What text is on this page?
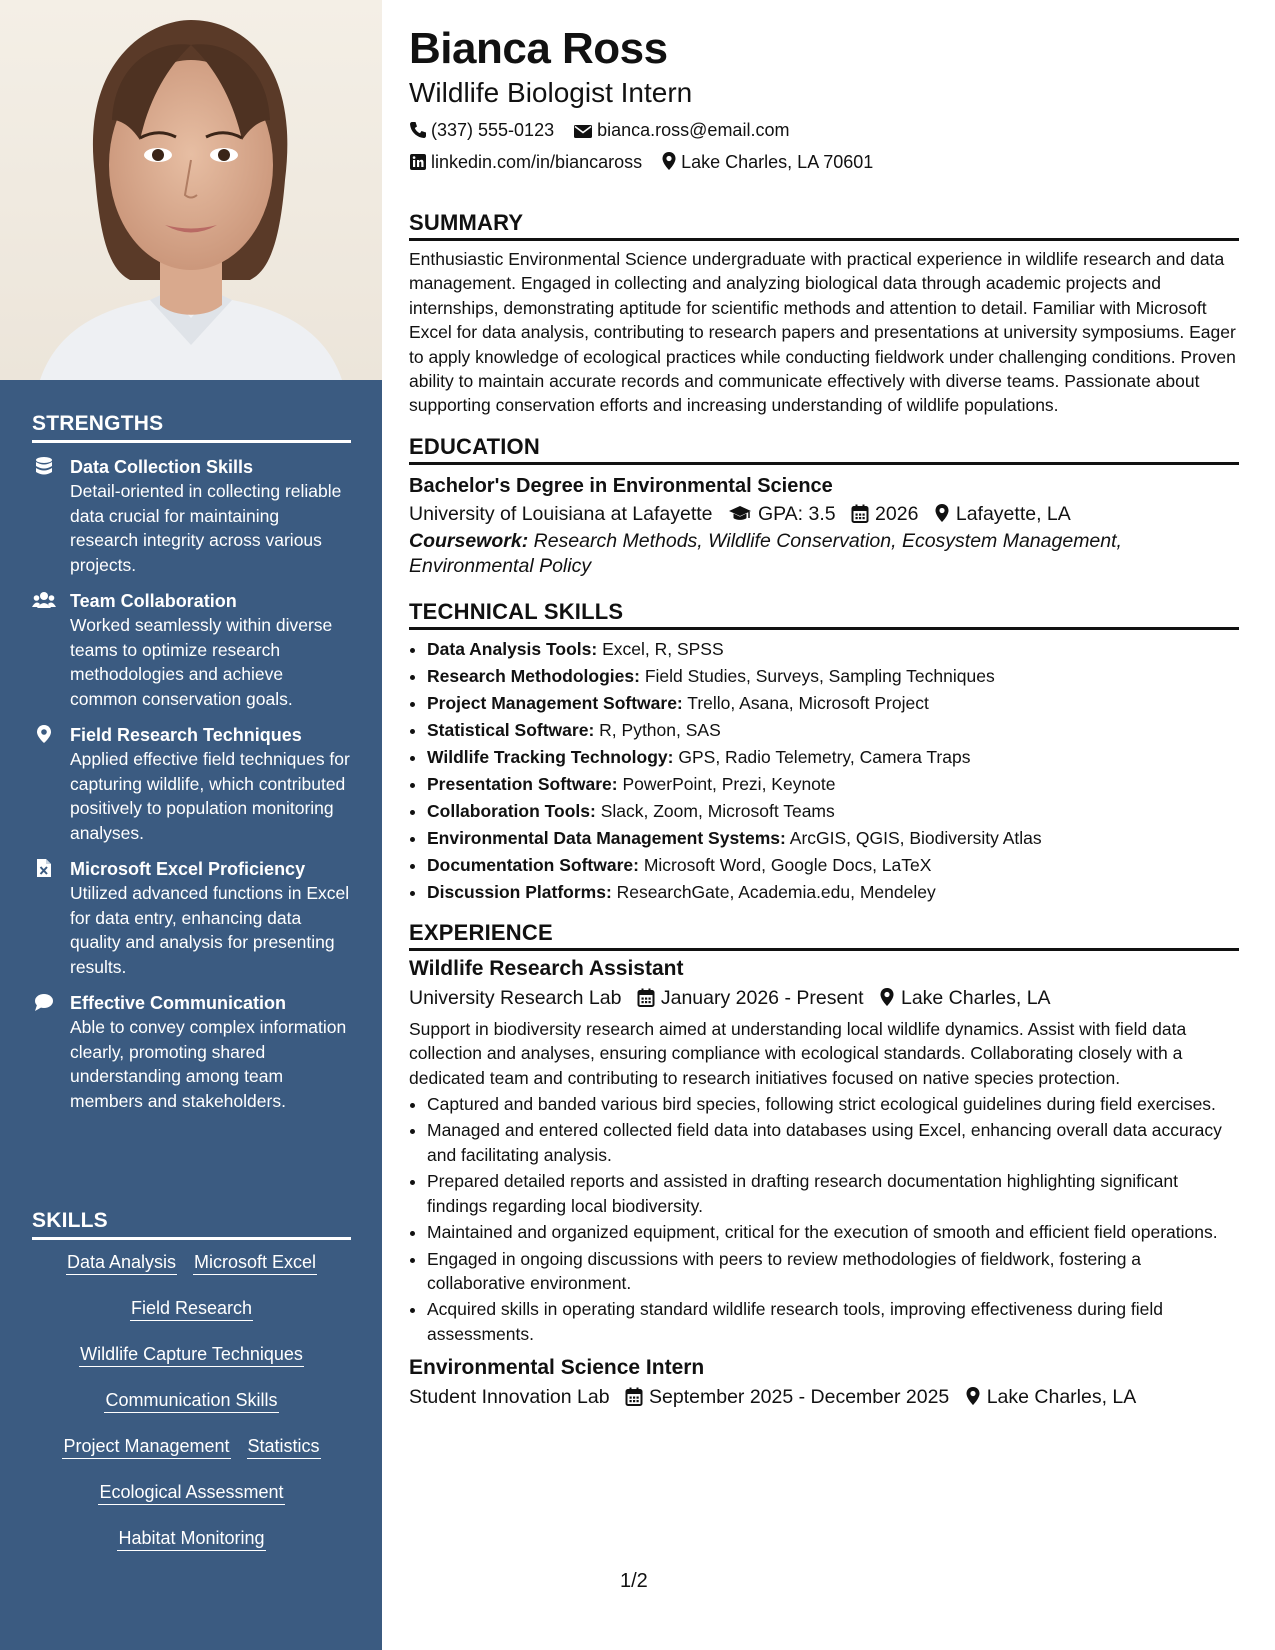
STRENGTHS
Data Collection Skills
Detail-oriented in collecting reliable data crucial for maintaining research integrity across various projects.
Team Collaboration
Worked seamlessly within diverse teams to optimize research methodologies and achieve common conservation goals.
Field Research Techniques
Applied effective field techniques for capturing wildlife, which contributed positively to population monitoring analyses.
Microsoft Excel Proficiency
Utilized advanced functions in Excel for data entry, enhancing data quality and analysis for presenting results.
Effective Communication
Able to convey complex information clearly, promoting shared understanding among team members and stakeholders.
SKILLS
Data Analysis Microsoft Excel
Field Research
Wildlife Capture Techniques
Communication Skills
Project Management Statistics
Ecological Assessment
Habitat Monitoring
Bianca Ross
Wildlife Biologist Intern
(337) 555-0123 bianca.ross@email.com
linkedin.com/in/biancaross Lake Charles, LA 70601
SUMMARY

Enthusiastic Environmental Science undergraduate with practical experience in wildlife research and data management. Engaged in collecting and analyzing biological data through academic projects and internships, demonstrating aptitude for scientific methods and attention to detail. Familiar with Microsoft Excel for data analysis, contributing to research papers and presentations at university symposiums. Eager to apply knowledge of ecological practices while conducting fieldwork under challenging conditions. Proven ability to maintain accurate records and communicate effectively with diverse teams. Passionate about supporting conservation efforts and increasing understanding of wildlife populations.

EDUCATION
Bachelor's Degree in Environmental Science
University of Louisiana at Lafayette GPA: 3.5 2026 Lafayette, LA
Coursework: Research Methods, Wildlife Conservation, Ecosystem Management, Environmental Policy
TECHNICAL SKILLS
• Data Analysis Tools: Excel, R, SPSS
• Research Methodologies: Field Studies, Surveys, Sampling Techniques
• Project Management Software: Trello, Asana, Microsoft Project
• Statistical Software: R, Python, SAS
• Wildlife Tracking Technology: GPS, Radio Telemetry, Camera Traps
• Presentation Software: PowerPoint, Prezi, Keynote
• Collaboration Tools: Slack, Zoom, Microsoft Teams
• Environmental Data Management Systems: ArcGIS, QGIS, Biodiversity Atlas
• Documentation Software: Microsoft Word, Google Docs, LaTeX
• Discussion Platforms: ResearchGate, Academia.edu, Mendeley
EXPERIENCE
Wildlife Research Assistant
University Research Lab January 2026 - Present Lake Charles, LA

Support in biodiversity research aimed at understanding local wildlife dynamics. Assist with field data collection and analyses, ensuring compliance with ecological standards. Collaborating closely with a dedicated team and contributing to research initiatives focused on native species protection.

• Captured and banded various bird species, following strict ecological guidelines during field exercises.
• Managed and entered collected field data into databases using Excel, enhancing overall data accuracy and facilitating analysis.
• Prepared detailed reports and assisted in drafting research documentation highlighting significant findings regarding local biodiversity.
• Maintained and organized equipment, critical for the execution of smooth and efficient field operations.
• Engaged in ongoing discussions with peers to review methodologies of fieldwork, fostering a collaborative environment.
• Acquired skills in operating standard wildlife research tools, improving effectiveness during field assessments.
Environmental Science Intern
Student Innovation Lab September 2025 - December 2025 Lake Charles, LA
1/2
